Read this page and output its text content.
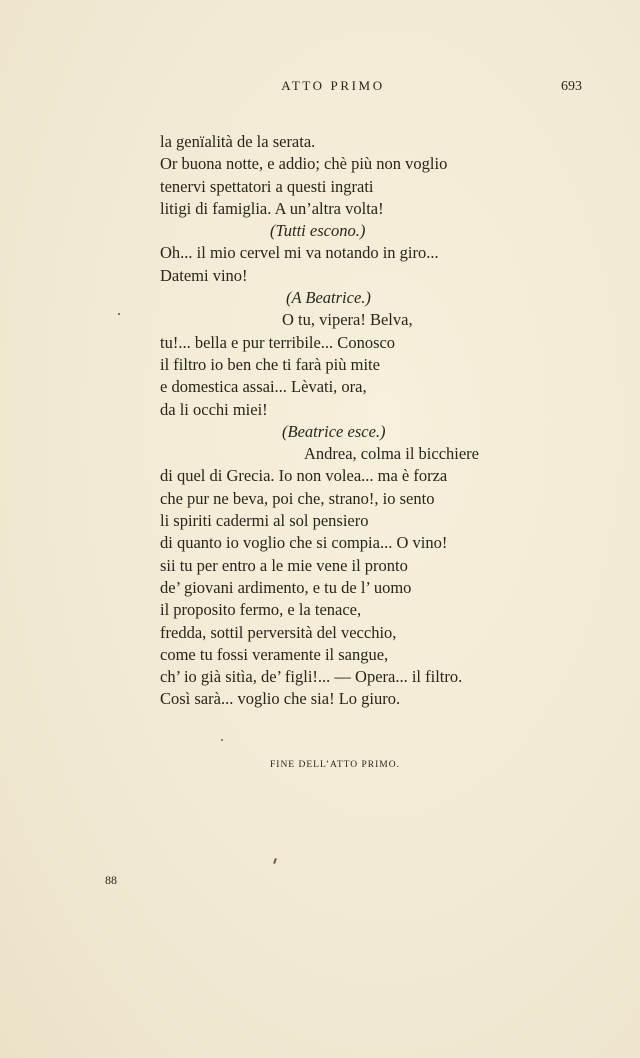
ATTO PRIMO	693
la genïalità de la serata.
Or buona notte, e addio; chè più non voglio
tenervi spettatori a questi ingrati
litigi di famiglia. A un’altra volta!
(Tutti escono.)
Oh... il mio cervel mi va notando in giro...
Datemi vino!
(A Beatrice.)
O tu, vipera! Belva,
tu!... bella e pur terribile... Conosco
il filtro io ben che ti farà più mite
e domestica assai... Lèvati, ora,
da li occhi miei!
(Beatrice esce.)
Andrea, colma il bicchiere
di quel di Grecia. Io non volea... ma è forza
che pur ne beva, poi che, strano!, io sento
li spiriti cadermi al sol pensiero
di quanto io voglio che si compia... O vino!
sii tu per entro a le mie vene il pronto
de’ giovani ardimento, e tu de l’ uomo
il proposito fermo, e la tenace,
fredda, sottil perversità del vecchio,
come tu fossi veramente il sangue,
ch’ io già sitìa, de’ figli!... — Opera... il filtro.
Così sarà... voglio che sia! Lo giuro.
FINE DELL’ATTO PRIMO.
88
